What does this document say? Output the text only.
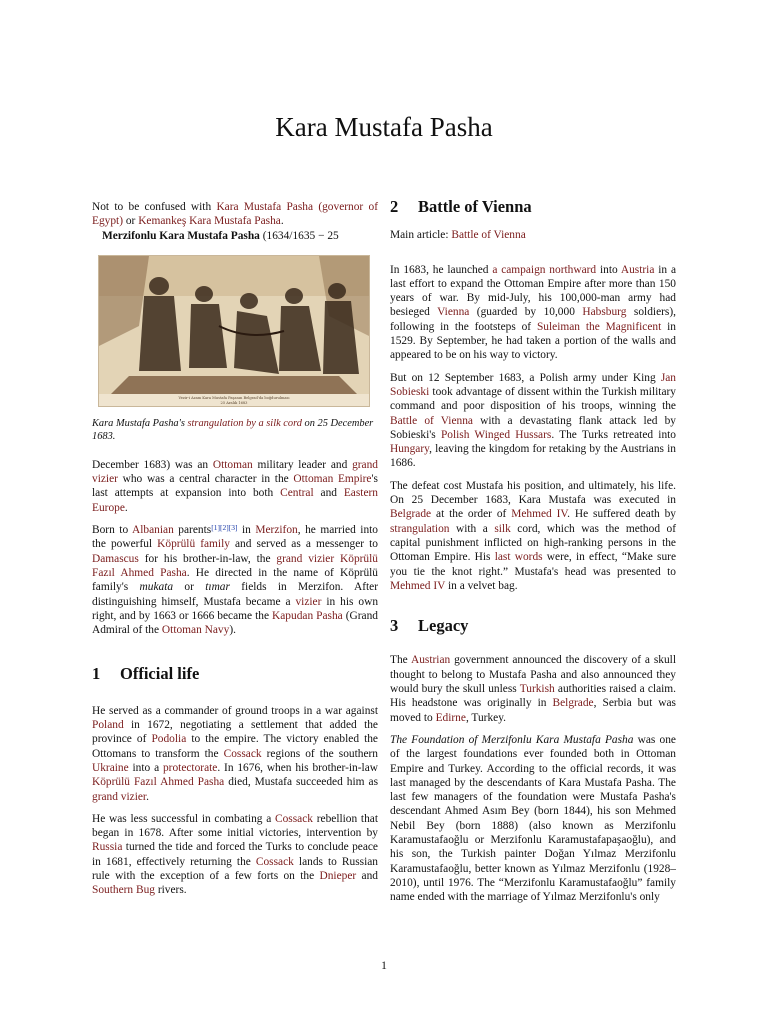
Kara Mustafa Pasha

Not to be confused with Kara Mustafa Pasha (governor of Egypt) or Kemankeş Kara Mustafa Pasha.

Merzifonlu Kara Mustafa Pasha (1634/1635 − 25

Vezir-i Azam Kara Mustafa Paşanın Belgrad'da boğdurulması
25 Aralık 1683

Kara Mustafa Pasha's strangulation by a silk cord on 25 December 1683.

December 1683) was an Ottoman military leader and grand vizier who was a central character in the Ottoman Empire's last attempts at expansion into both Central and Eastern Europe.

Born to Albanian parents[1][2][3] in Merzifon, he married into the powerful Köprülü family and served as a messenger to Damascus for his brother-in-law, the grand vizier Köprülü Fazıl Ahmed Pasha. He directed in the name of Köprülü family's mukata or tımar fields in Merzifon. After distinguishing himself, Mustafa became a vizier in his own right, and by 1663 or 1666 became the Kapudan Pasha (Grand Admiral of the Ottoman Navy).

1	Official life

He served as a commander of ground troops in a war against Poland in 1672, negotiating a settlement that added the province of Podolia to the empire. The victory enabled the Ottomans to transform the Cossack regions of the southern Ukraine into a protectorate. In 1676, when his brother-in-law Köprülü Fazıl Ahmed Pasha died, Mustafa succeeded him as grand vizier.

He was less successful in combating a Cossack rebellion that began in 1678. After some initial victories, intervention by Russia turned the tide and forced the Turks to conclude peace in 1681, effectively returning the Cossack lands to Russian rule with the exception of a few forts on the Dnieper and Southern Bug rivers.

2	Battle of Vienna

Main article: Battle of Vienna

In 1683, he launched a campaign northward into Austria in a last effort to expand the Ottoman Empire after more than 150 years of war. By mid-July, his 100,000-man army had besieged Vienna (guarded by 10,000 Habsburg soldiers), following in the footsteps of Suleiman the Magnificent in 1529. By September, he had taken a portion of the walls and appeared to be on his way to victory.

But on 12 September 1683, a Polish army under King Jan Sobieski took advantage of dissent within the Turkish military command and poor disposition of his troops, winning the Battle of Vienna with a devastating flank attack led by Sobieski's Polish Winged Hussars. The Turks retreated into Hungary, leaving the kingdom for retaking by the Austrians in 1686.

The defeat cost Mustafa his position, and ultimately, his life. On 25 December 1683, Kara Mustafa was executed in Belgrade at the order of Mehmed IV. He suffered death by strangulation with a silk cord, which was the method of capital punishment inflicted on high-ranking persons in the Ottoman Empire. His last words were, in effect, “Make sure you tie the knot right.” Mustafa's head was presented to Mehmed IV in a velvet bag.

3	Legacy

The Austrian government announced the discovery of a skull thought to belong to Mustafa Pasha and also announced they would bury the skull unless Turkish authorities raised a claim. His headstone was originally in Belgrade, Serbia but was moved to Edirne, Turkey.

The Foundation of Merzifonlu Kara Mustafa Pasha was one of the largest foundations ever founded both in Ottoman Empire and Turkey. According to the official records, it was last managed by the descendants of Kara Mustafa Pasha. The last few managers of the foundation were Mustafa Pasha's descendant Ahmed Asım Bey (born 1844), his son Mehmed Nebil Bey (born 1888) (also known as Merzifonlu Karamustafaoğlu or Merzifonlu Karamustafapaşaoğlu), and his son, the Turkish painter Doğan Yılmaz Merzifonlu Karamustafaoğlu, better known as Yılmaz Merzifonlu (1928–2010), until 1976. The “Merzifonlu Karamustafaoğlu” family name ended with the marriage of Yılmaz Merzifonlu's only

1
